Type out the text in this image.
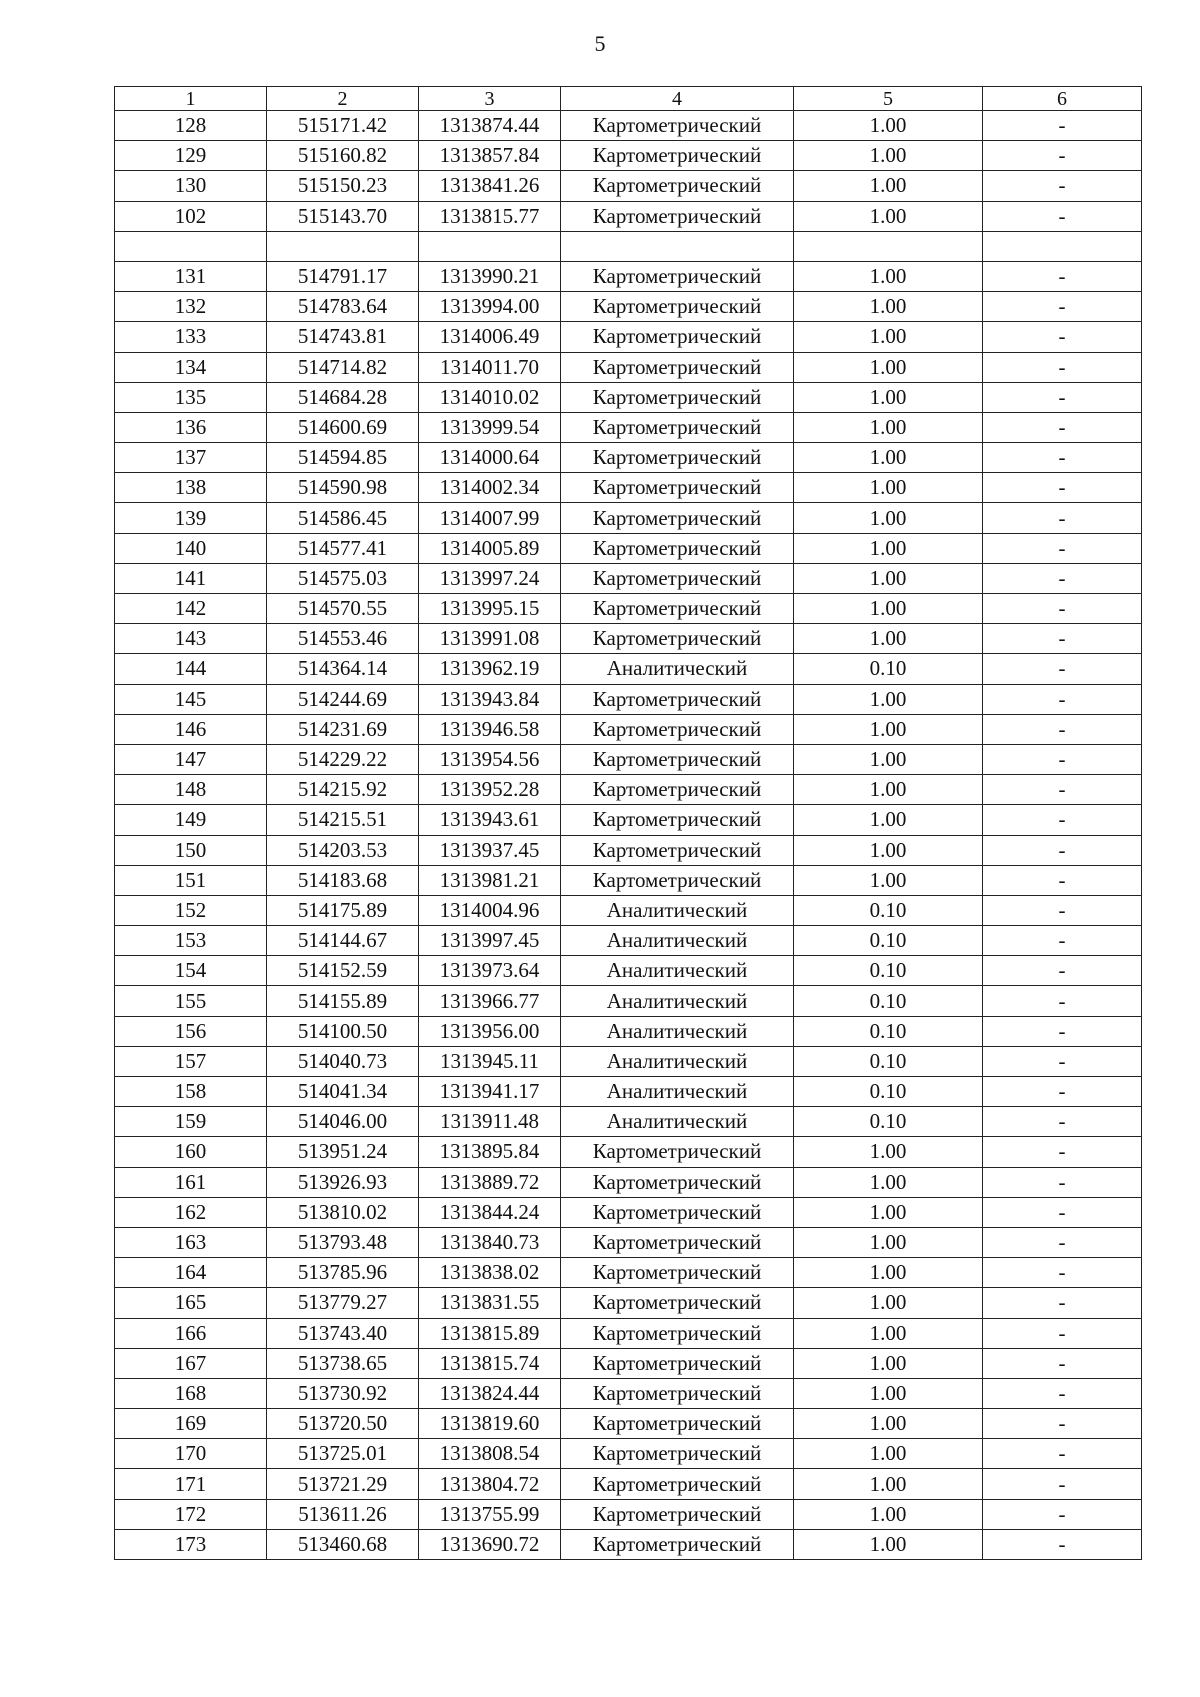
5
1	2	3	4	5	6
128	515171.42	1313874.44	Картометрический	1.00	-
129	515160.82	1313857.84	Картометрический	1.00	-
130	515150.23	1313841.26	Картометрический	1.00	-
102	515143.70	1313815.77	Картометрический	1.00	-

131	514791.17	1313990.21	Картометрический	1.00	-
132	514783.64	1313994.00	Картометрический	1.00	-
133	514743.81	1314006.49	Картометрический	1.00	-
134	514714.82	1314011.70	Картометрический	1.00	-
135	514684.28	1314010.02	Картометрический	1.00	-
136	514600.69	1313999.54	Картометрический	1.00	-
137	514594.85	1314000.64	Картометрический	1.00	-
138	514590.98	1314002.34	Картометрический	1.00	-
139	514586.45	1314007.99	Картометрический	1.00	-
140	514577.41	1314005.89	Картометрический	1.00	-
141	514575.03	1313997.24	Картометрический	1.00	-
142	514570.55	1313995.15	Картометрический	1.00	-
143	514553.46	1313991.08	Картометрический	1.00	-
144	514364.14	1313962.19	Аналитический	0.10	-
145	514244.69	1313943.84	Картометрический	1.00	-
146	514231.69	1313946.58	Картометрический	1.00	-
147	514229.22	1313954.56	Картометрический	1.00	-
148	514215.92	1313952.28	Картометрический	1.00	-
149	514215.51	1313943.61	Картометрический	1.00	-
150	514203.53	1313937.45	Картометрический	1.00	-
151	514183.68	1313981.21	Картометрический	1.00	-
152	514175.89	1314004.96	Аналитический	0.10	-
153	514144.67	1313997.45	Аналитический	0.10	-
154	514152.59	1313973.64	Аналитический	0.10	-
155	514155.89	1313966.77	Аналитический	0.10	-
156	514100.50	1313956.00	Аналитический	0.10	-
157	514040.73	1313945.11	Аналитический	0.10	-
158	514041.34	1313941.17	Аналитический	0.10	-
159	514046.00	1313911.48	Аналитический	0.10	-
160	513951.24	1313895.84	Картометрический	1.00	-
161	513926.93	1313889.72	Картометрический	1.00	-
162	513810.02	1313844.24	Картометрический	1.00	-
163	513793.48	1313840.73	Картометрический	1.00	-
164	513785.96	1313838.02	Картометрический	1.00	-
165	513779.27	1313831.55	Картометрический	1.00	-
166	513743.40	1313815.89	Картометрический	1.00	-
167	513738.65	1313815.74	Картометрический	1.00	-
168	513730.92	1313824.44	Картометрический	1.00	-
169	513720.50	1313819.60	Картометрический	1.00	-
170	513725.01	1313808.54	Картометрический	1.00	-
171	513721.29	1313804.72	Картометрический	1.00	-
172	513611.26	1313755.99	Картометрический	1.00	-
173	513460.68	1313690.72	Картометрический	1.00	-
